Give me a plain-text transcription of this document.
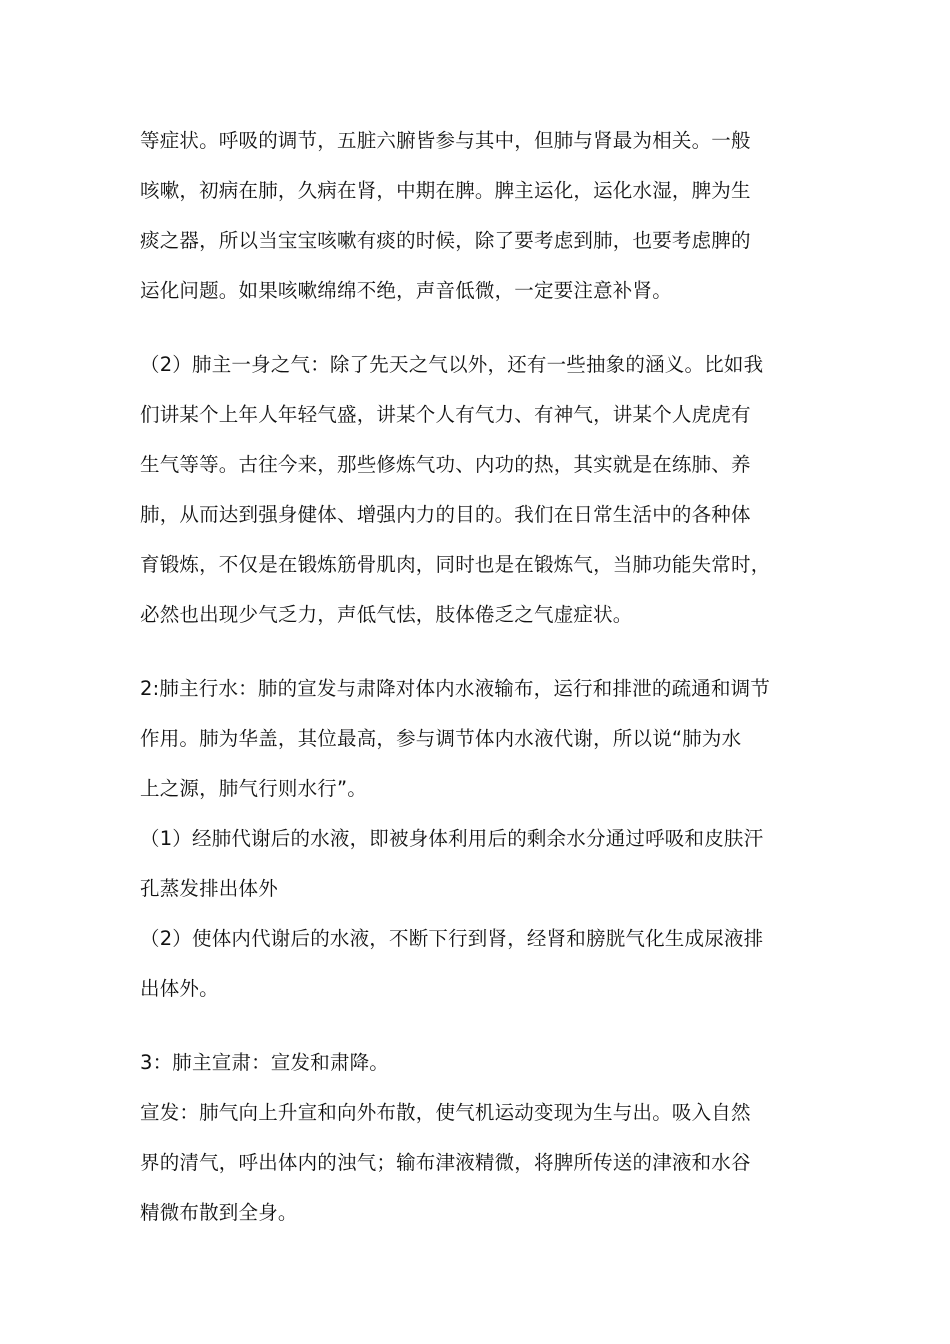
等症状。呼吸的调节，五脏六腑皆参与其中，但肺与肾最为相关。一般
咳嗽，初病在肺，久病在肾，中期在脾。脾主运化，运化水湿，脾为生
痰之器，所以当宝宝咳嗽有痰的时候，除了要考虑到肺，也要考虑脾的
运化问题。如果咳嗽绵绵不绝，声音低微，一定要注意补肾。

（2）肺主一身之气：除了先天之气以外，还有一些抽象的涵义。比如我
们讲某个上年人年轻气盛，讲某个人有气力、有神气，讲某个人虎虎有
生气等等。古往今来，那些修炼气功、内功的热，其实就是在练肺、养
肺，从而达到强身健体、增强内力的目的。我们在日常生活中的各种体
育锻炼，不仅是在锻炼筋骨肌肉，同时也是在锻炼气，当肺功能失常时，
必然也出现少气乏力，声低气怯，肢体倦乏之气虚症状。

2:肺主行水：肺的宣发与肃降对体内水液输布，运行和排泄的疏通和调节
作用。肺为华盖，其位最高，参与调节体内水液代谢，所以说“肺为水
上之源，肺气行则水行”。
（1）经肺代谢后的水液，即被身体利用后的剩余水分通过呼吸和皮肤汗
孔蒸发排出体外
（2）使体内代谢后的水液，不断下行到肾，经肾和膀胱气化生成尿液排
出体外。

3：肺主宣肃：宣发和肃降。
宣发：肺气向上升宣和向外布散，使气机运动变现为生与出。吸入自然
界的清气，呼出体内的浊气；输布津液精微，将脾所传送的津液和水谷
精微布散到全身。
